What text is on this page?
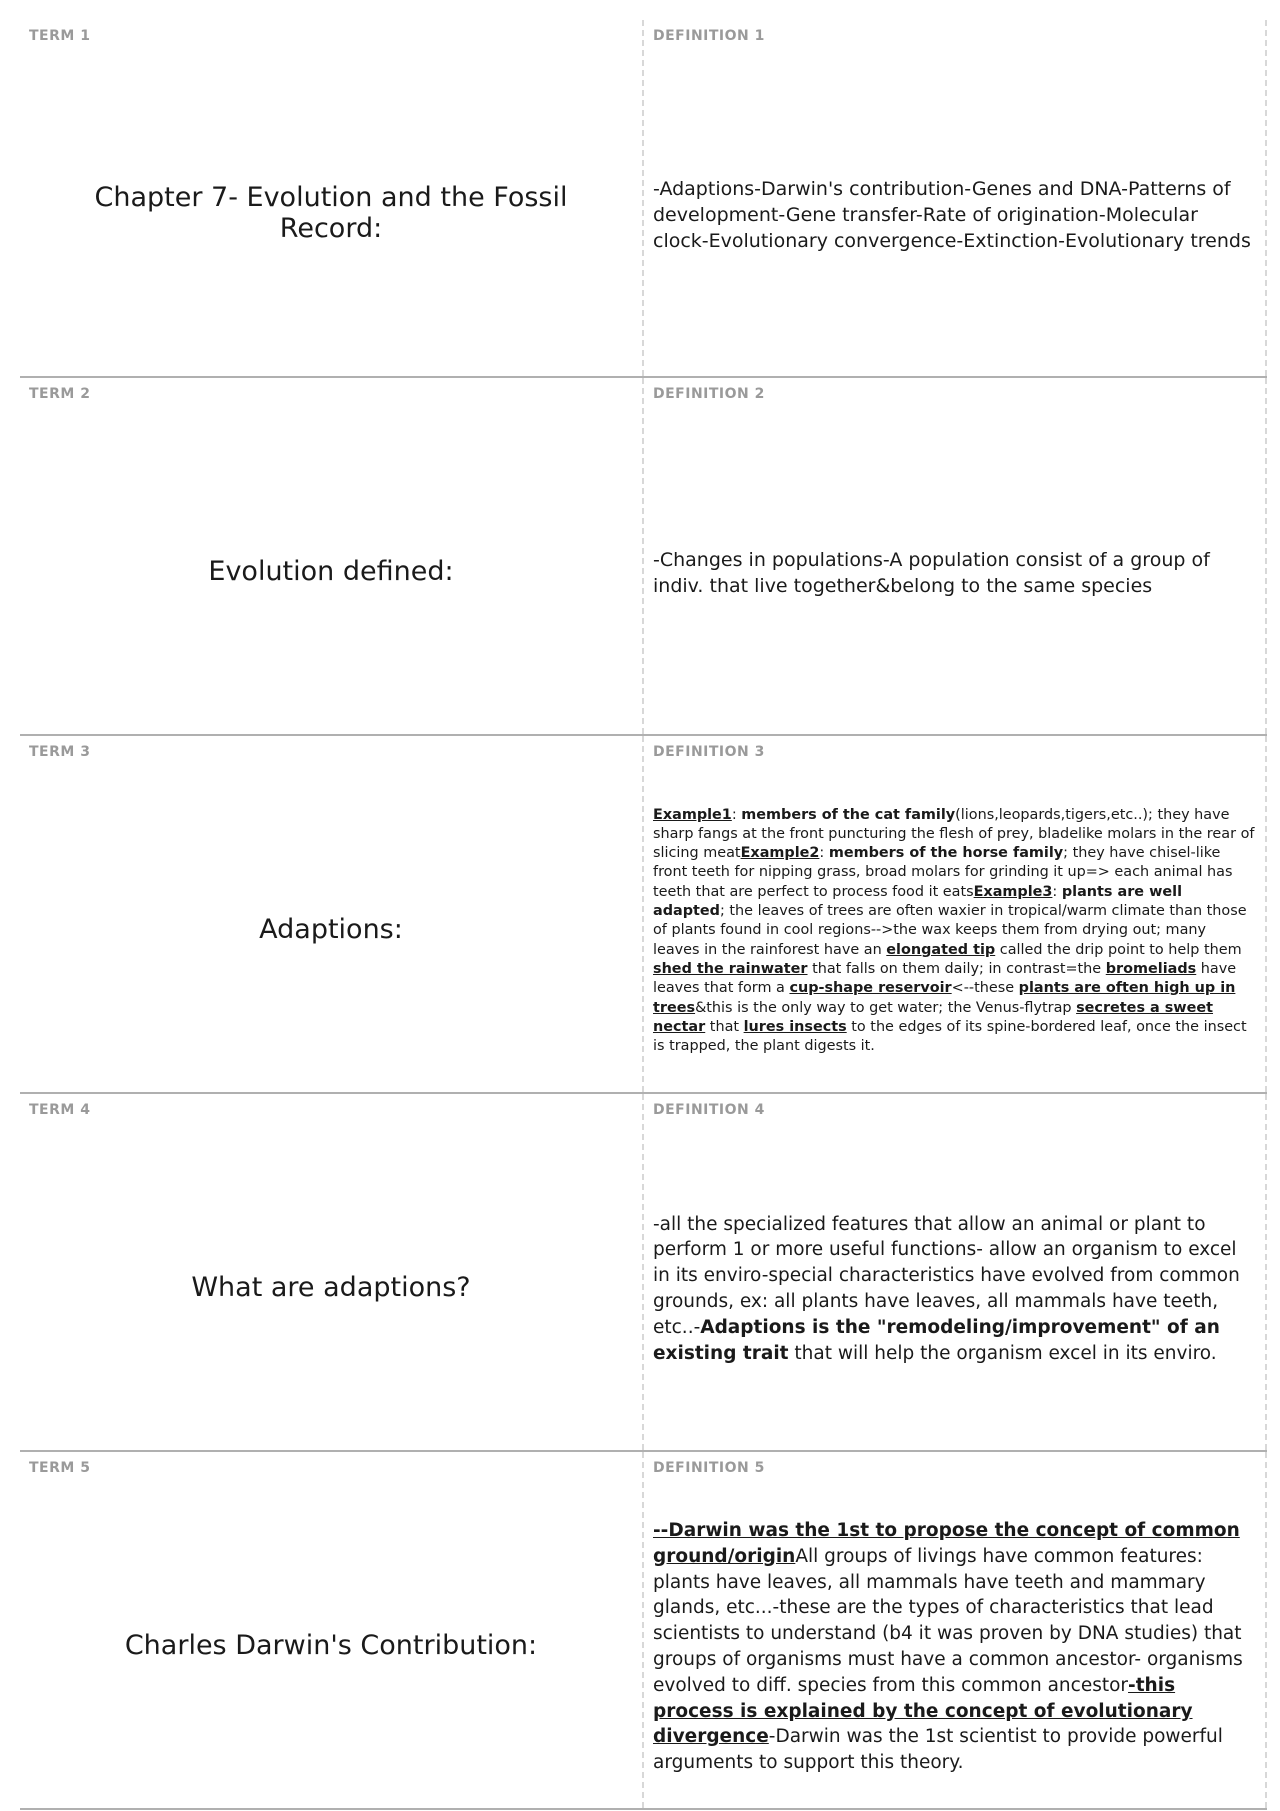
TERM 1
Chapter 7- Evolution and the Fossil Record:
DEFINITION 1
-Adaptions-Darwin's contribution-Genes and DNA-Patterns of development-Gene transfer-Rate of origination-Molecular clock-Evolutionary convergence-Extinction-Evolutionary trends
TERM 2
Evolution defined:
DEFINITION 2
-Changes in populations-A population consist of a group of indiv. that live together&belong to the same species
TERM 3
Adaptions:
DEFINITION 3
Example1: members of the cat family(lions,leopards,tigers,etc..); they have sharp fangs at the front puncturing the flesh of prey, bladelike molars in the rear of slicing meatExample2: members of the horse family; they have chisel-like front teeth for nipping grass, broad molars for grinding it up=> each animal has teeth that are perfect to process food it eatsExample3: plants are well adapted; the leaves of trees are often waxier in tropical/warm climate than those of plants found in cool regions-->the wax keeps them from drying out; many leaves in the rainforest have an elongated tip called the drip point to help them shed the rainwater that falls on them daily; in contrast=the bromeliads have leaves that form a cup-shape reservoir<--these plants are often high up in trees&this is the only way to get water; the Venus-flytrap secretes a sweet nectar that lures insects to the edges of its spine-bordered leaf, once the insect is trapped, the plant digests it.
TERM 4
What are adaptions?
DEFINITION 4
-all the specialized features that allow an animal or plant to perform 1 or more useful functions- allow an organism to excel in its enviro-special characteristics have evolved from common grounds, ex: all plants have leaves, all mammals have teeth, etc..-Adaptions is the "remodeling/improvement" of an existing trait that will help the organism excel in its enviro.
TERM 5
Charles Darwin's Contribution:
DEFINITION 5
--Darwin was the 1st to propose the concept of common ground/originAll groups of livings have common features: plants have leaves, all mammals have teeth and mammary glands, etc...-these are the types of characteristics that lead scientists to understand (b4 it was proven by DNA studies) that groups of organisms must have a common ancestor- organisms evolved to diff. species from this common ancestor-this process is explained by the concept of evolutionary divergence-Darwin was the 1st scientist to provide powerful arguments to support this theory.
